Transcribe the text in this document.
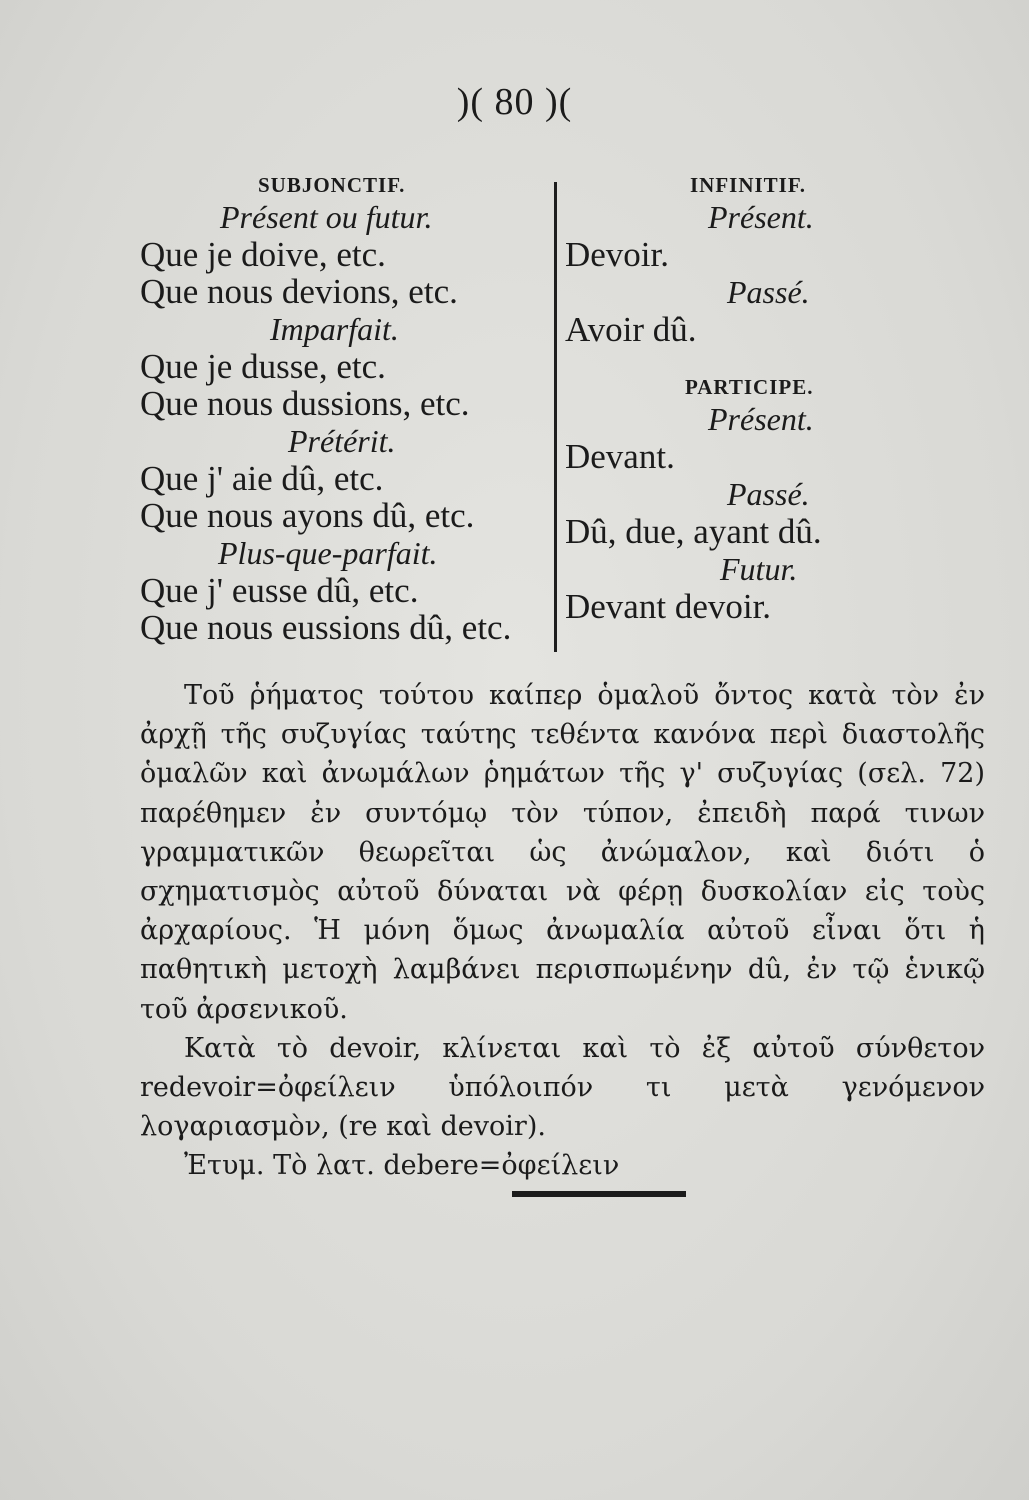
)( 80 )(
SUBJONCTIF.
Présent ou futur.
Que je doive, etc.
Que nous devions, etc.
Imparfait.
Que je dusse, etc.
Que nous dussions, etc.
Prétérit.
Que j' aie dû, etc.
Que nous ayons dû, etc.
Plus-que-parfait.
Que j' eusse dû, etc.
Que nous eussions dû, etc.
INFINITIF.
Présent.
Devoir.
Passé.
Avoir dû.
PARTICIPE.
Présent.
Devant.
Passé.
Dû, due, ayant dû.
Futur.
Devant devoir.

Τοῦ ῥήματος τούτου καίπερ ὁμαλοῦ ὄντος κατὰ τὸν ἐν ἀρχῇ τῆς συζυγίας ταύτης τεθέντα κανόνα περὶ διαστολῆς ὁμαλῶν καὶ ἀνωμάλων ῥημάτων τῆς γ' συζυγίας (σελ. 72) παρέθημεν ἐν συντόμῳ τὸν τύπον, ἐπειδὴ παρά τινων γραμματικῶν θεωρεῖται ὡς ἀνώμαλον, καὶ διότι ὁ σχηματισμὸς αὐτοῦ δύναται νὰ φέρῃ δυσκολίαν εἰς τοὺς ἀρχαρίους. Ἡ μόνη ὅμως ἀνωμαλία αὐτοῦ εἶναι ὅτι ἡ παθητικὴ μετοχὴ λαμβάνει περισπωμένην dû, ἐν τῷ ἑνικῷ τοῦ ἀρσενικοῦ.

Κατὰ τὸ devoir, κλίνεται καὶ τὸ ἐξ αὐτοῦ σύνθετον redevoir=ὀφείλειν ὑπόλοιπόν τι μετὰ γενόμενον λογαριασμὸν, (re καὶ devoir).

Ἐτυμ. Τὸ λατ. debere=ὀφείλειν
